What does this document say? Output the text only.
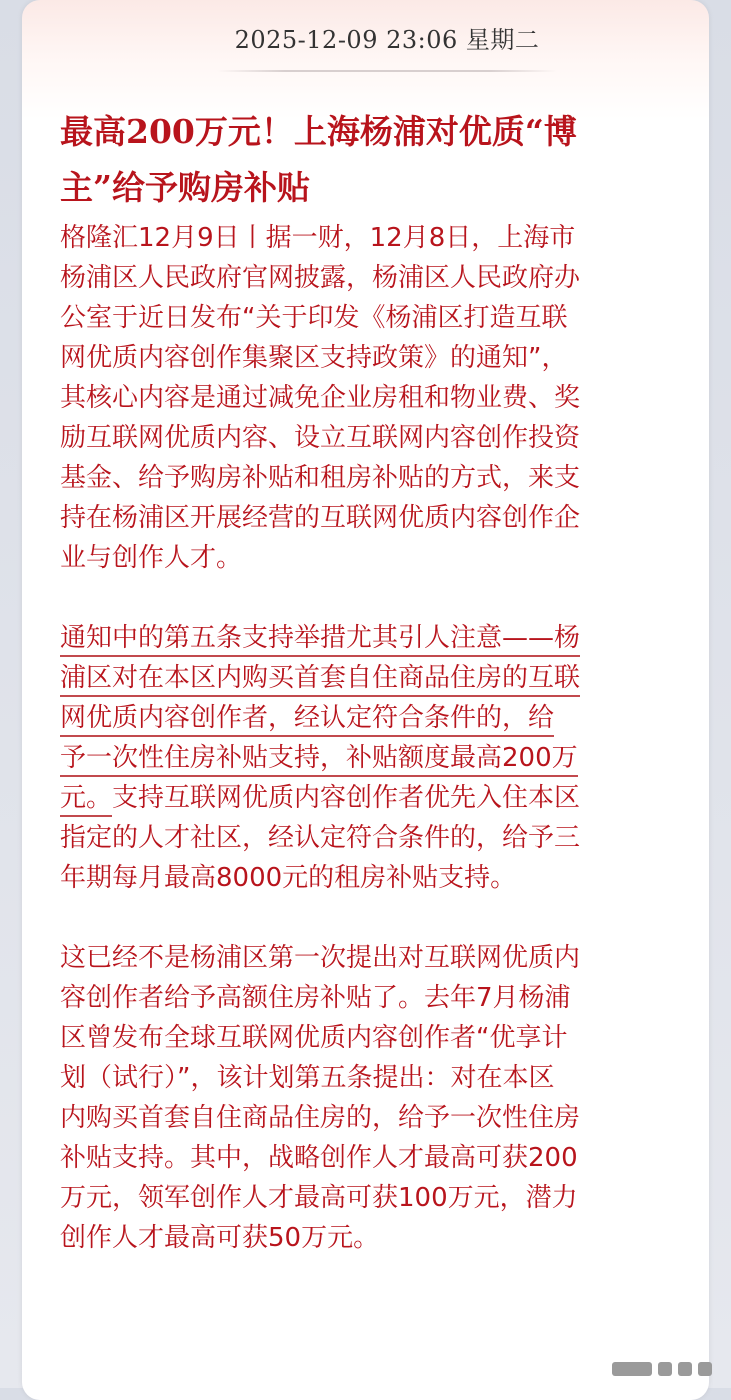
2025-12-09 23:06 星期二
最高200万元！上海杨浦对优质“博
主”给予购房补贴

格隆汇12月9日丨据一财，12月8日，上海市
杨浦区人民政府官网披露，杨浦区人民政府办
公室于近日发布“关于印发《杨浦区打造互联
网优质内容创作集聚区支持政策》的通知”，
其核心内容是通过减免企业房租和物业费、奖
励互联网优质内容、设立互联网内容创作投资
基金、给予购房补贴和租房补贴的方式，来支
持在杨浦区开展经营的互联网优质内容创作企
业与创作人才。

通知中的第五条支持举措尤其引人注意——杨
浦区对在本区内购买首套自住商品住房的互联
网优质内容创作者，经认定符合条件的，给
予一次性住房补贴支持，补贴额度最高200万
元。支持互联网优质内容创作者优先入住本区
指定的人才社区，经认定符合条件的，给予三
年期每月最高8000元的租房补贴支持。

这已经不是杨浦区第一次提出对互联网优质内
容创作者给予高额住房补贴了。去年7月杨浦
区曾发布全球互联网优质内容创作者“优享计
划（试行）”，该计划第五条提出：对在本区
内购买首套自住商品住房的，给予一次性住房
补贴支持。其中，战略创作人才最高可获200
万元，领军创作人才最高可获100万元，潜力
创作人才最高可获50万元。
